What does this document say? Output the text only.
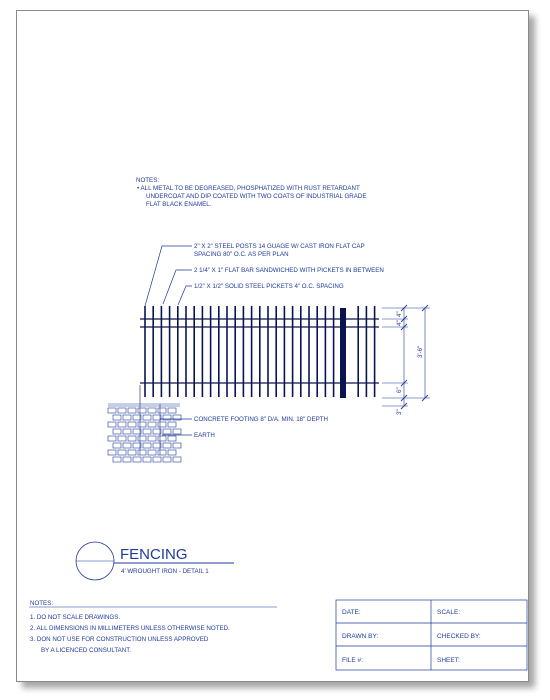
NOTES:
• ALL METAL TO BE DEGREASED, PHOSPHATIZED WITH RUST RETARDANT
UNDERCOAT AND DIP COATED WITH TWO COATS OF INDUSTRIAL GRADE
FLAT BLACK ENAMEL.
2" X 2" STEEL POSTS 14 GUAGE W/ CAST IRON FLAT CAP
SPACING 80" O.C. AS PER PLAN
2 1/4" X 1" FLAT BAR SANDWICHED WITH PICKETS IN BETWEEN
1/2" X 1/2" SOLID STEEL PICKETS 4" O.C. SPACING
CONCRETE FOOTING 8" D/A. MIN. 18" DEPTH
EARTH
4"
4"
3'-6"
6"
3"
FENCING
4' WROUGHT IRON - DETAIL 1
NOTES:
1. DO NOT SCALE DRAWINGS.
2. ALL DIMENSIONS IN MILLIMETERS UNLESS OTHERWISE NOTED.
3. DON NOT USE FOR CONSTRUCTION UNLESS APPROVED
BY A LICENCED CONSULTANT.
DATE:	SCALE:
DRAWN BY:	CHECKED BY:
FILE #:	SHEET:
